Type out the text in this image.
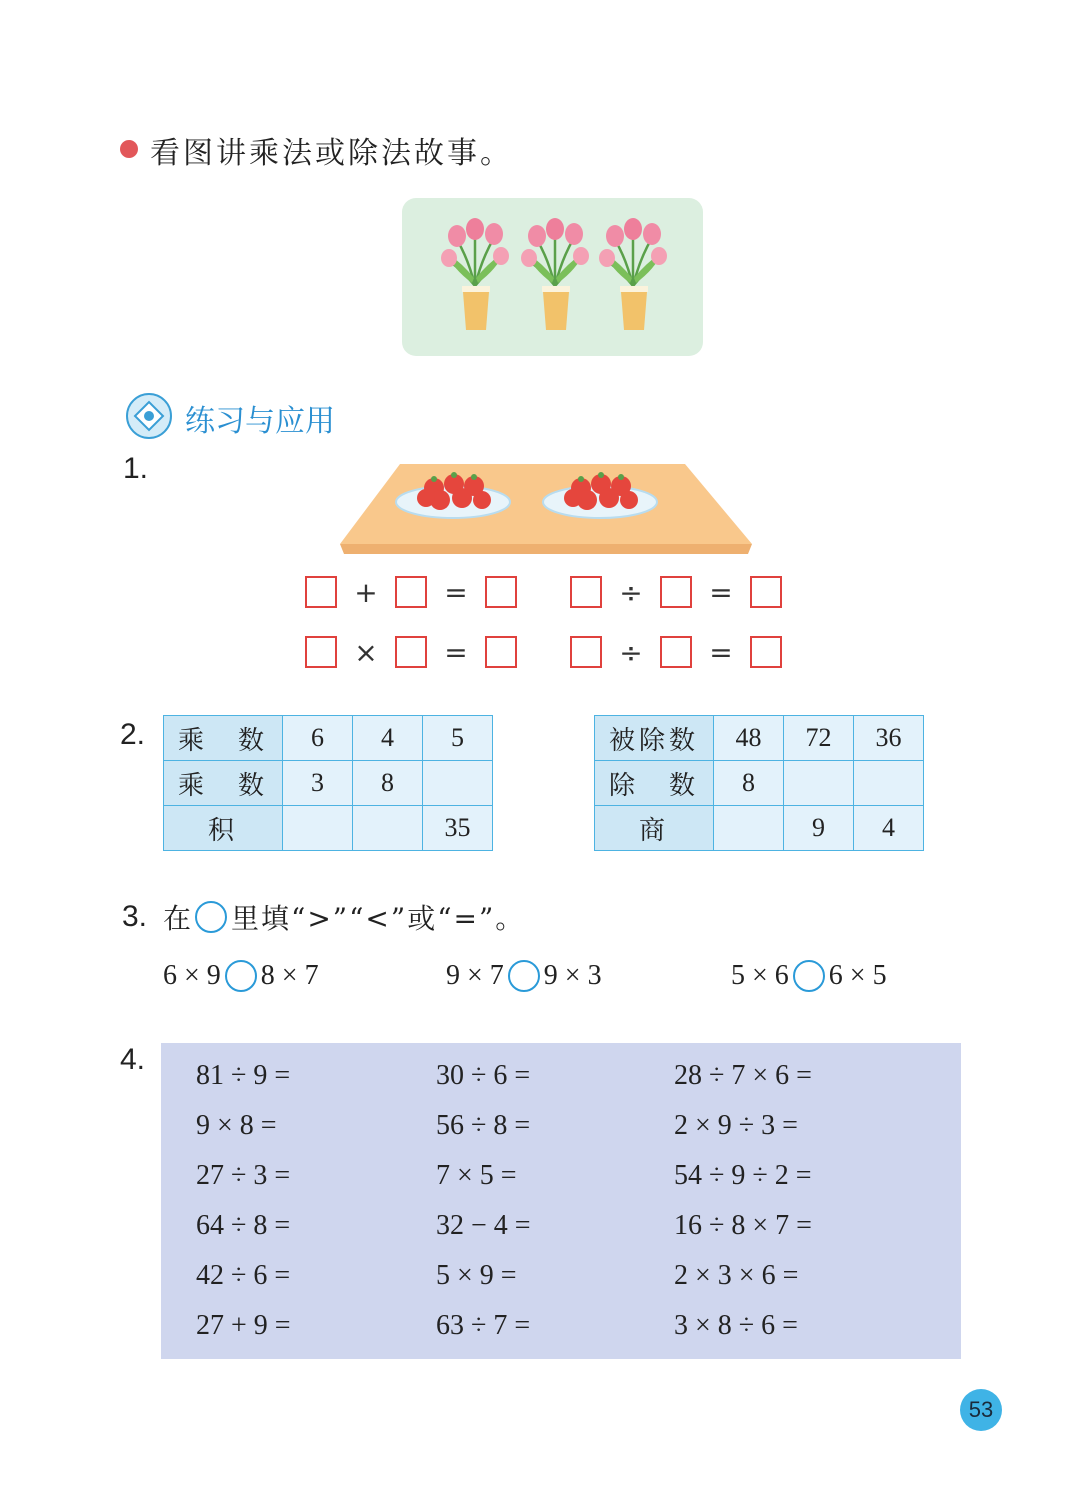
看图讲乘法或除法故事。
练习与应用
1.
+ =
× =
÷ =
÷ =
2. 乘　数	6	4	5
乘　数	3	8	
积			35
被除数	48	72	36
除　数	8		
商		9	4
3. 在 里填“>”“<”或“=”。
6 × 9 8 × 7	9 × 7 9 × 3	5 × 6 6 × 5
4. 81 ÷ 9 =
9 × 8 =
27 ÷ 3 =
64 ÷ 8 =
42 ÷ 6 =
27 + 9 =
30 ÷ 6 =
56 ÷ 8 =
7 × 5 =
32 − 4 =
5 × 9 =
63 ÷ 7 =
28 ÷ 7 × 6 =
2 × 9 ÷ 3 =
54 ÷ 9 ÷ 2 =
16 ÷ 8 × 7 =
2 × 3 × 6 =
3 × 8 ÷ 6 =
53
